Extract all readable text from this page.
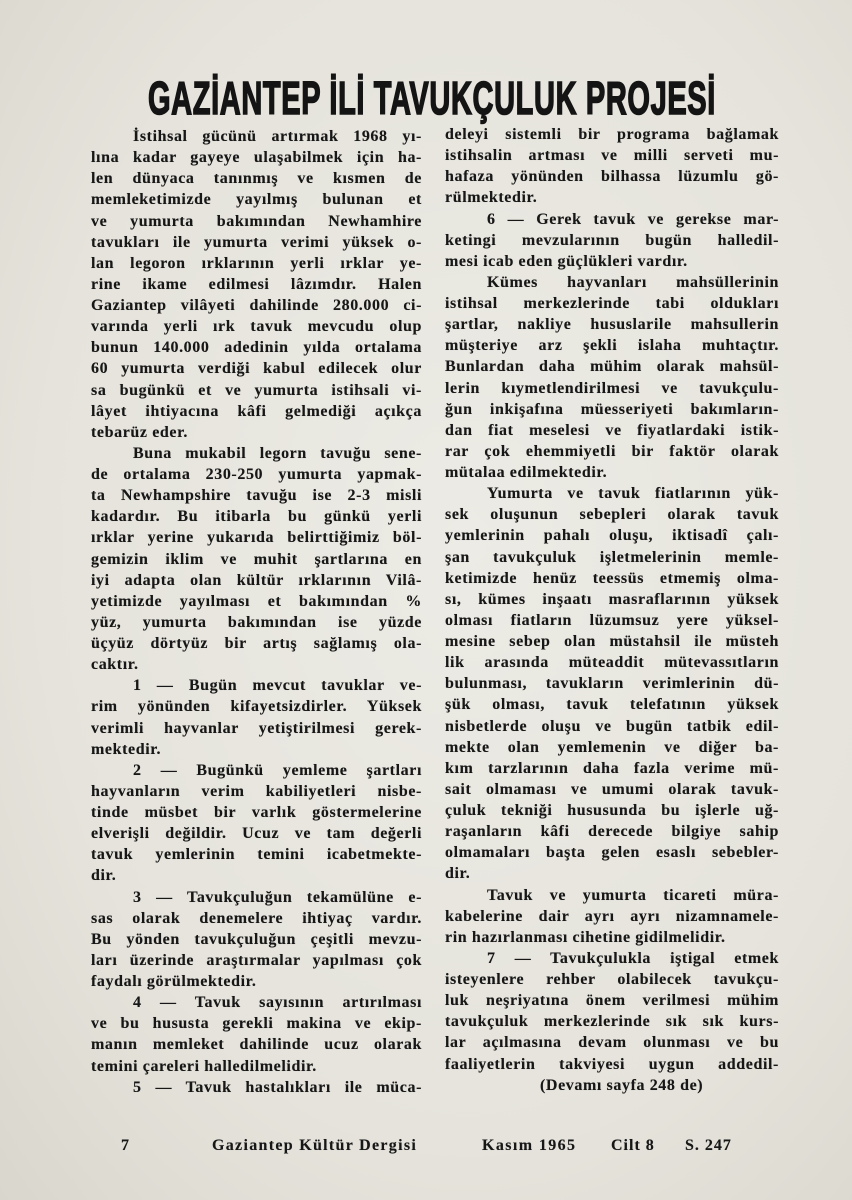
GAZİANTEP İLİ TAVUKÇULUK PROJESİ
İstihsal gücünü artırmak 1968 yı-
lına kadar gayeye ulaşabilmek için ha-
len dünyaca tanınmış ve kısmen de
memleketimizde yayılmış bulunan et
ve yumurta bakımından Newhamhire
tavukları ile yumurta verimi yüksek o-
lan legoron ırklarının yerli ırklar ye-
rine ikame edilmesi lâzımdır. Halen
Gaziantep vilâyeti dahilinde 280.000 ci-
varında yerli ırk tavuk mevcudu olup
bunun 140.000 adedinin yılda ortalama
60 yumurta verdiği kabul edilecek olur
sa bugünkü et ve yumurta istihsali vi-
lâyet ihtiyacına kâfi gelmediği açıkça
tebarüz eder.
Buna mukabil legorn tavuğu sene-
de ortalama 230-250 yumurta yapmak-
ta Newhampshire tavuğu ise 2-3 misli
kadardır. Bu itibarla bu günkü yerli
ırklar yerine yukarıda belirttiğimiz böl-
gemizin iklim ve muhit şartlarına en
iyi adapta olan kültür ırklarının Vilâ-
yetimizde yayılması et bakımından %
yüz, yumurta bakımından ise yüzde
üçyüz dörtyüz bir artış sağlamış ola-
caktır.
1 — Bugün mevcut tavuklar ve-
rim yönünden kifayetsizdirler. Yüksek
verimli hayvanlar yetiştirilmesi gerek-
mektedir.
2 — Bugünkü yemleme şartları
hayvanların verim kabiliyetleri nisbe-
tinde müsbet bir varlık göstermelerine
elverişli değildir. Ucuz ve tam değerli
tavuk yemlerinin temini icabetmekte-
dir.
3 — Tavukçuluğun tekamülüne e-
sas olarak denemelere ihtiyaç vardır.
Bu yönden tavukçuluğun çeşitli mevzu-
ları üzerinde araştırmalar yapılması çok
faydalı görülmektedir.
4 — Tavuk sayısının artırılması
ve bu hususta gerekli makina ve ekip-
manın memleket dahilinde ucuz olarak
temini çareleri halledilmelidir.
5 — Tavuk hastalıkları ile müca-
deleyi sistemli bir programa bağlamak
istihsalin artması ve milli serveti mu-
hafaza yönünden bilhassa lüzumlu gö-
rülmektedir.
6 — Gerek tavuk ve gerekse mar-
ketingi mevzularının bugün halledil-
mesi icab eden güçlükleri vardır.
Kümes hayvanları mahsüllerinin
istihsal merkezlerinde tabi oldukları
şartlar, nakliye hususlarile mahsullerin
müşteriye arz şekli islaha muhtaçtır.
Bunlardan daha mühim olarak mahsül-
lerin kıymetlendirilmesi ve tavukçulu-
ğun inkişafına müesseriyeti bakımların-
dan fiat meselesi ve fiyatlardaki istik-
rar çok ehemmiyetli bir faktör olarak
mütalaa edilmektedir.
Yumurta ve tavuk fiatlarının yük-
sek oluşunun sebepleri olarak tavuk
yemlerinin pahalı oluşu, iktisadî çalı-
şan tavukçuluk işletmelerinin memle-
ketimizde henüz teessüs etmemiş olma-
sı, kümes inşaatı masraflarının yüksek
olması fiatların lüzumsuz yere yüksel-
mesine sebep olan müstahsil ile müsteh
lik arasında müteaddit mütevassıtların
bulunması, tavukların verimlerinin dü-
şük olması, tavuk telefatının yüksek
nisbetlerde oluşu ve bugün tatbik edil-
mekte olan yemlemenin ve diğer ba-
kım tarzlarının daha fazla verime mü-
sait olmaması ve umumi olarak tavuk-
çuluk tekniği hususunda bu işlerle uğ-
raşanların kâfi derecede bilgiye sahip
olmamaları başta gelen esaslı sebebler-
dir.
Tavuk ve yumurta ticareti müra-
kabelerine dair ayrı ayrı nizamnamele-
rin hazırlanması cihetine gidilmelidir.
7 — Tavukçulukla iştigal etmek
isteyenlere rehber olabilecek tavukçu-
luk neşriyatına önem verilmesi mühim
tavukçuluk merkezlerinde sık sık kurs-
lar açılmasına devam olunması ve bu
faaliyetlerin takviyesi uygun addedil-
(Devamı sayfa 248 de)
7	Gaziantep Kültür Dergisi	Kasım 1965 Cilt 8 S. 247
